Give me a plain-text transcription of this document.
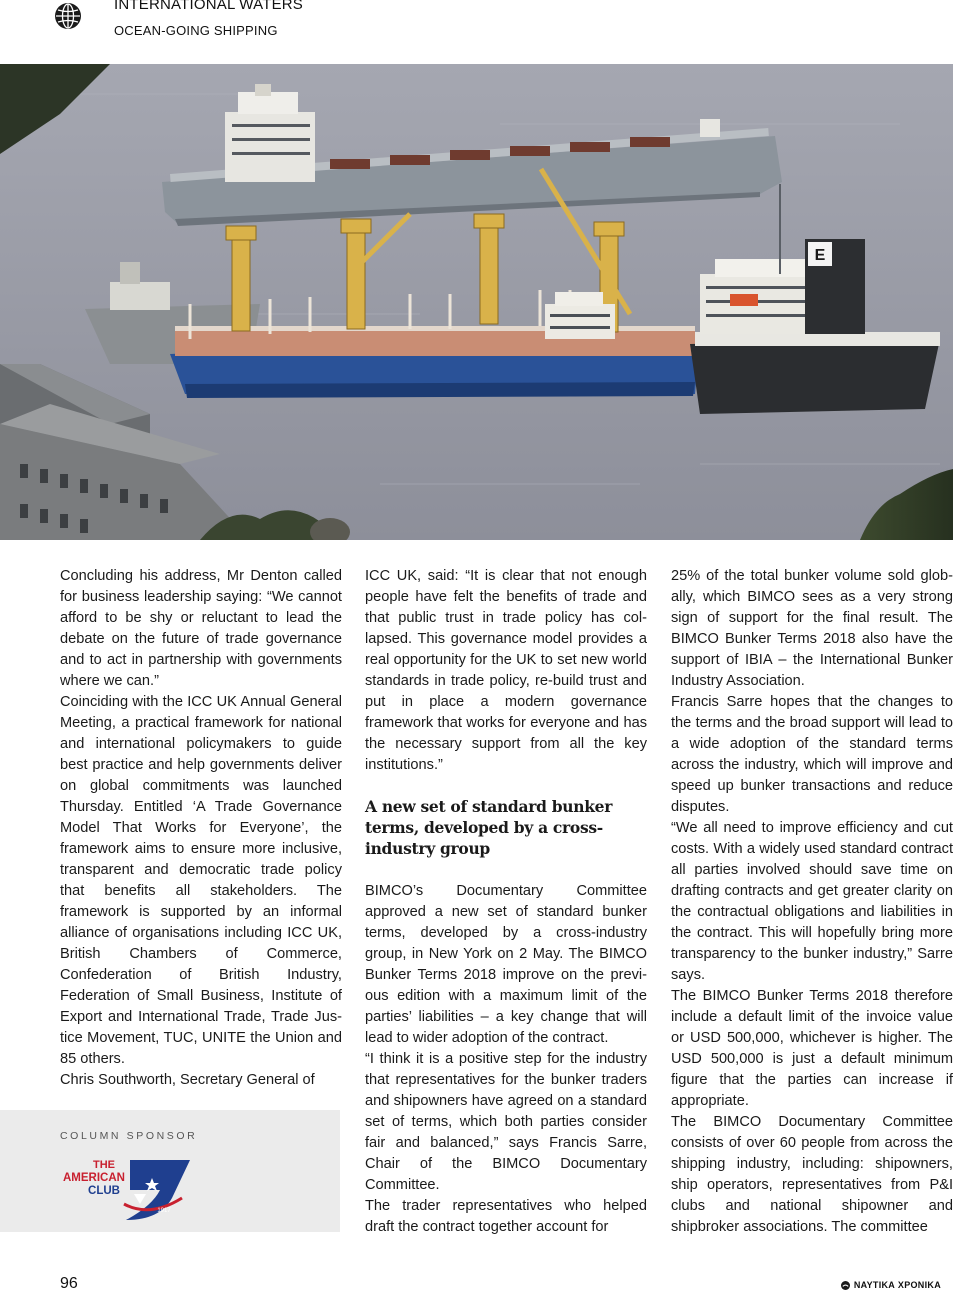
INTERNATIONAL WATERS
OCEAN-GOING SHIPPING
E

Concluding his address, Mr Denton called for business leadership saying: “We cannot afford to be shy or reluctant to lead the debate on the future of trade governance and to act in partnership with governments where we can.”

Coinciding with the ICC UK Annual General Meeting, a practical framework for national and international policymakers to guide best practice and help governments deliver on global commitments was launched Thursday. Entitled ‘A Trade Governance Model That Works for Everyone’, the framework aims to ensure more inclusive, transparent and democratic trade policy that benefits all stakeholders. The framework is supported by an informal alliance of organisations including ICC UK, British Chambers of Commerce, Confederation of British Industry, Federation of Small Business, Institute of Export and International Trade, Trade Justice Movement, TUC, UNITE the Union and 85 others.

Chris Southworth, Secretary General of

ICC UK, said: “It is clear that not enough people have felt the benefits of trade and that public trust in trade policy has collapsed. This governance model provides a real opportunity for the UK to set new world standards in trade policy, re-build trust and put in place a modern governance framework that works for everyone and has the necessary support from all the key institutions.”

A new set of standard bunker terms, developed by a cross-industry group

BIMCO’s Documentary Committee approved a new set of standard bunker terms, developed by a cross-industry group, in New York on 2 May. The BIMCO Bunker Terms 2018 improve on the previous edition with a maximum limit of the parties’ liabilities – a key change that will lead to wider adoption of the contract.

“I think it is a positive step for the industry that representatives for the bunker traders and shipowners have agreed on a standard set of terms, which both parties consider fair and balanced,” says Francis Sarre, Chair of the BIMCO Documentary Committee.

The trader representatives who helped draft the contract together account for

25% of the total bunker volume sold globally, which BIMCO sees as a very strong sign of support for the final result. The BIMCO Bunker Terms 2018 also have the support of IBIA – the International Bunker Industry Association.

Francis Sarre hopes that the changes to the terms and the broad support will lead to a wide adoption of the standard terms across the industry, which will improve and speed up bunker transactions and reduce disputes.

“We all need to improve efficiency and cut costs. With a widely used standard contract all parties involved should save time on drafting contracts and get greater clarity on the contractual obligations and liabilities in the contract. This will hopefully bring more transparency to the bunker industry,” Sarre says.

The BIMCO Bunker Terms 2018 therefore include a default limit of the invoice value or USD 500,000, whichever is higher. The USD 500,000 is just a default minimum figure that the parties can increase if appropriate.

The BIMCO Documentary Committee consists of over 60 people from across the shipping industry, including: shipowners, ship operators, representatives from P&I clubs and national shipowner and shipbroker associations. The committee

COLUMN SPONSOR
THE
AMERICAN
CLUB
1917
96	ΝΑΥΤΙΚΑ ΧΡΟΝΙΚΑ
